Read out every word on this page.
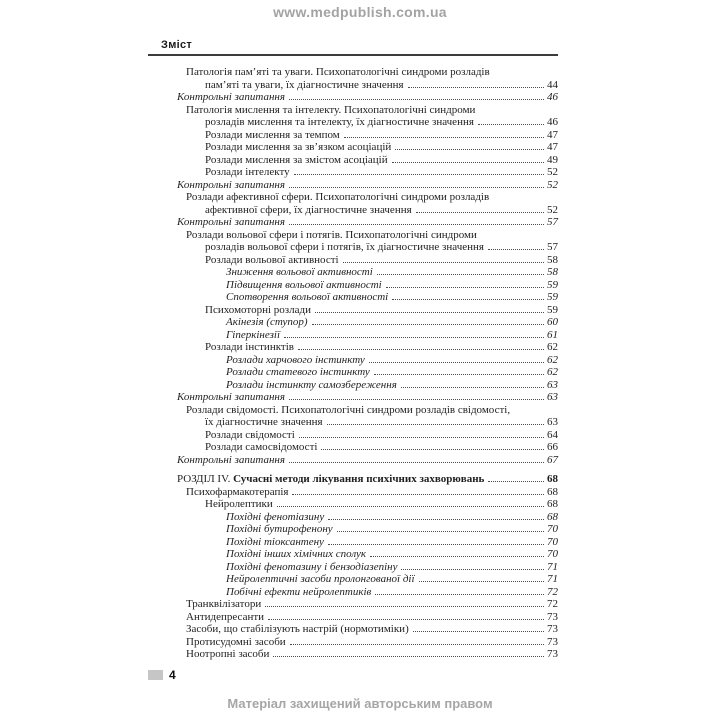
www.medpublish.com.ua
Зміст
Патологія пам’яті та уваги. Психопатологічні синдроми розладів
пам’яті та уваги, їх діагностичне значення	44
Контрольні запитання	46
Патологія мислення та інтелекту. Психопатологічні синдроми
розладів мислення та інтелекту, їх діагностичне значення	46
Розлади мислення за темпом	47
Розлади мислення за зв’язком асоціацій	47
Розлади мислення за змістом асоціацій	49
Розлади інтелекту	52
Контрольні запитання	52
Розлади афективної сфери. Психопатологічні синдроми розладів
афективної сфери, їх діагностичне значення	52
Контрольні запитання	57
Розлади вольової сфери і потягів. Психопатологічні синдроми
розладів вольової сфери і потягів, їх діагностичне значення	57
Розлади вольової активності	58
Зниження вольової активності	58
Підвищення вольової активності	59
Спотворення вольової активності	59
Психомоторні розлади	59
Акінезія (ступор)	60
Гіперкінезії	61
Розлади інстинктів	62
Розлади харчового інстинкту	62
Розлади статевого інстинкту	62
Розлади інстинкту самозбереження	63
Контрольні запитання	63
Розлади свідомості. Психопатологічні синдроми розладів свідомості,
їх діагностичне значення	63
Розлади свідомості	64
Розлади самосвідомості	66
Контрольні запитання	67
РОЗДІЛ IV. Сучасні методи лікування психічних захворювань	68
Психофармакотерапія	68
Нейролептики	68
Похідні фенотіазину	68
Похідні бутирофенону	70
Похідні тіоксантену	70
Похідні інших хімічних сполук	70
Похідні фенотазину і бензодіазепіну	71
Нейролептичні засоби пролонгованої дії	71
Побічні ефекти нейролептиків	72
Транквілізатори	72
Антидепресанти	73
Засоби, що стабілізують настрій (нормотиміки)	73
Протисудомні засоби	73
Ноотропні засоби	73
4
Матеріал захищений авторським правом
